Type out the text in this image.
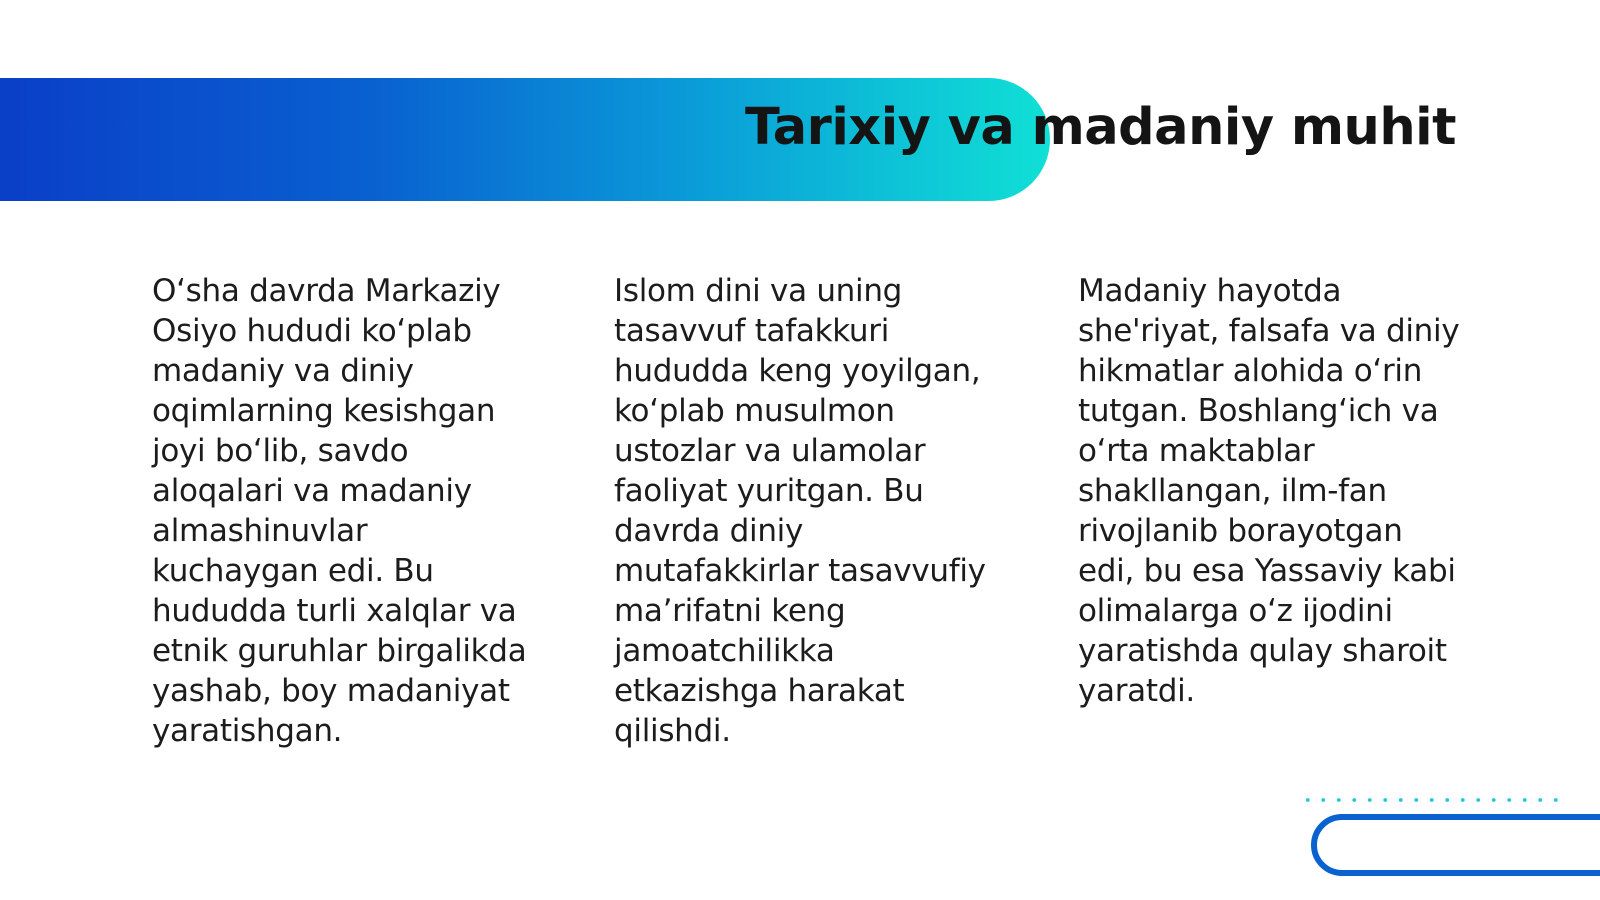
Tarixiy va madaniy muhit

O‘sha davrda Markaziy Osiyo hududi ko‘plab madaniy va diniy oqimlarning kesishgan joyi bo‘lib, savdo aloqalari va madaniy almashinuvlar kuchaygan edi. Bu hududda turli xalqlar va etnik guruhlar birgalikda yashab, boy madaniyat yaratishgan.

Islom dini va uning tasavvuf tafakkuri hududda keng yoyilgan, ko‘plab musulmon ustozlar va ulamolar faoliyat yuritgan. Bu davrda diniy mutafakkirlar tasavvufiy ma’rifatni keng jamoatchilikka etkazishga harakat qilishdi.

Madaniy hayotda she'riyat, falsafa va diniy hikmatlar alohida o‘rin tutgan. Boshlang‘ich va o‘rta maktablar shakllangan, ilm-fan rivojlanib borayotgan edi, bu esa Yassaviy kabi olimalarga o‘z ijodini yaratishda qulay sharoit yaratdi.
